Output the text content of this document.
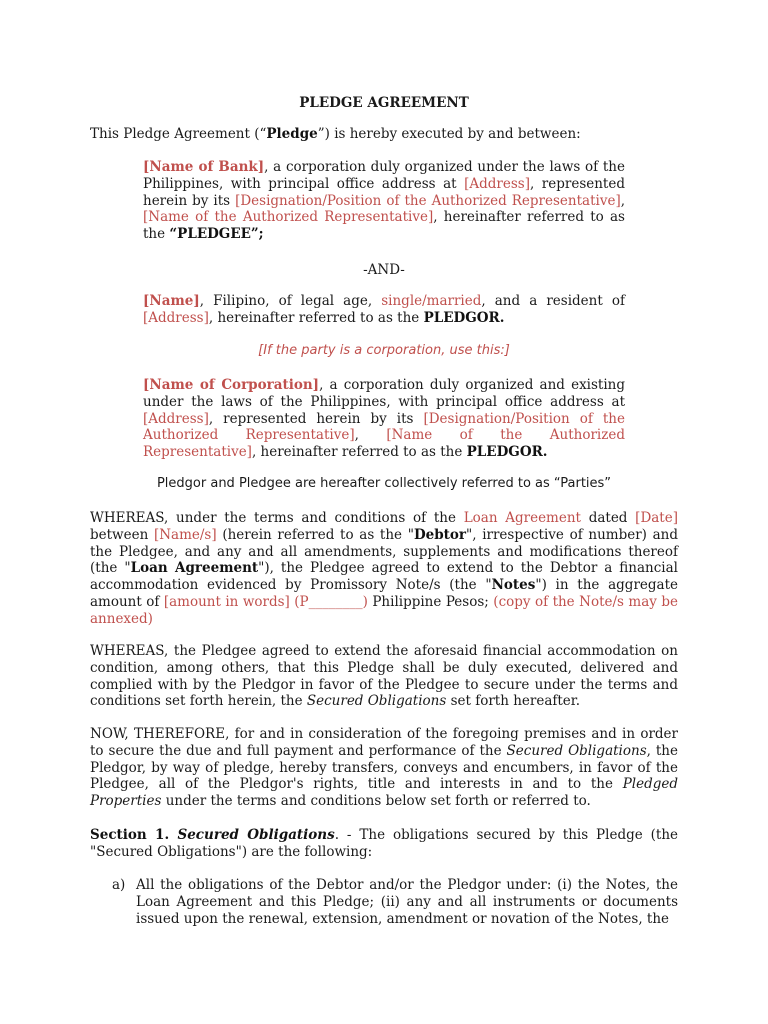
PLEDGE AGREEMENT
This Pledge Agreement (“Pledge”) is hereby executed by and between:
[Name of Bank], a corporation duly organized under the laws of the Philippines, with principal office address at [Address], represented herein by its [Designation/Position of the Authorized Representative], [Name of the Authorized Representative], hereinafter referred to as the “PLEDGEE”;
-AND-
[Name], Filipino, of legal age, single/married, and a resident of [Address], hereinafter referred to as the PLEDGOR.
[If the party is a corporation, use this:]
[Name of Corporation], a corporation duly organized and existing under the laws of the Philippines, with principal office address at [Address], represented herein by its [Designation/Position of the Authorized Representative], [Name of the Authorized Representative], hereinafter referred to as the PLEDGOR.
Pledgor and Pledgee are hereafter collectively referred to as “Parties”
WHEREAS, under the terms and conditions of the Loan Agreement dated [Date] between [Name/s] (herein referred to as the "Debtor", irrespective of number) and the Pledgee, and any and all amendments, supplements and modifications thereof (the "Loan Agreement"), the Pledgee agreed to extend to the Debtor a financial accommodation evidenced by Promissory Note/s (the "Notes") in the aggregate amount of [amount in words] (P________) Philippine Pesos; (copy of the Note/s may be annexed)
WHEREAS, the Pledgee agreed to extend the aforesaid financial accommodation on condition, among others, that this Pledge shall be duly executed, delivered and complied with by the Pledgor in favor of the Pledgee to secure under the terms and conditions set forth herein, the Secured Obligations set forth hereafter.
NOW, THEREFORE, for and in consideration of the foregoing premises and in order to secure the due and full payment and performance of the Secured Obligations, the Pledgor, by way of pledge, hereby transfers, conveys and encumbers, in favor of the Pledgee, all of the Pledgor's rights, title and interests in and to the Pledged Properties under the terms and conditions below set forth or referred to.
Section 1. Secured Obligations. - The obligations secured by this Pledge (the "Secured Obligations") are the following:
a) All the obligations of the Debtor and/or the Pledgor under: (i) the Notes, the Loan Agreement and this Pledge; (ii) any and all instruments or documents issued upon the renewal, extension, amendment or novation of the Notes, the
